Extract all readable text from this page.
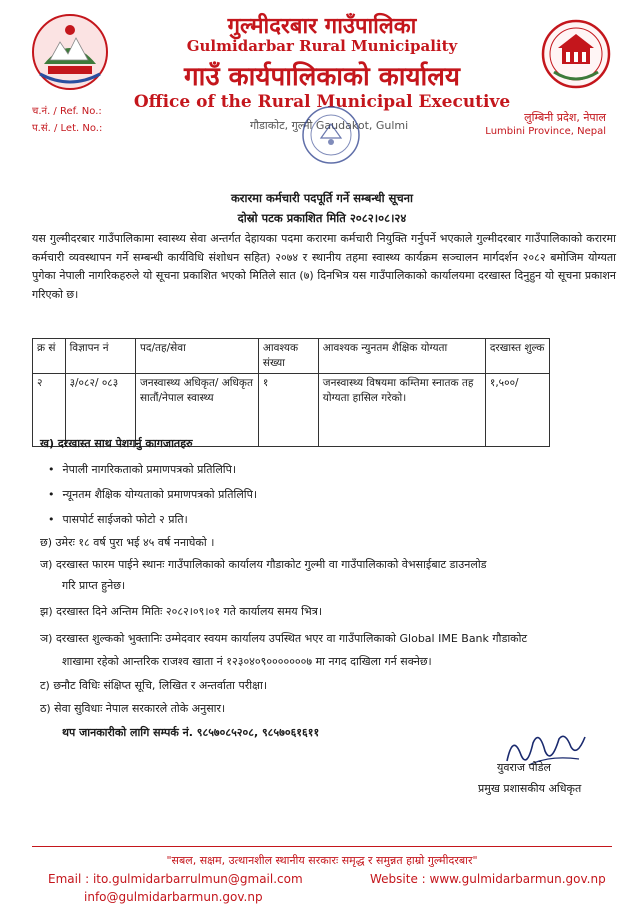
गुल्मीदरबार गाउँपालिका
Gulmidarbar Rural Municipality
गाउँ कार्यपालिकाको कार्यालय
Office of the Rural Municipal Executive
गौडाकोट, गुल्मी Gaudakot, Gulmi
च.नं. / Ref. No.:
प.सं. / Let. No.:
लुम्बिनी प्रदेश, नेपाल
Lumbini Province, Nepal
करारमा कर्मचारी पदपूर्ति गर्ने सम्बन्धी सूचना
दोस्रो पटक प्रकाशित मिति २०८२।०८।२४
यस गुल्मीदरबार गाउँपालिकामा स्वास्थ्य सेवा अन्तर्गत देहायका पदमा करारमा कर्मचारी नियुक्ति गर्नुपर्ने भएकाले गुल्मीदरबार गाउँपालिकाको करारमा कर्मचारी व्यवस्थापन गर्ने सम्बन्धी कार्यविधि संशोधन सहित) २०७४ र स्थानीय तहमा स्वास्थ्य कार्यक्रम सञ्चालन मार्गदर्शन २०८२ बमोजिम योग्यता पुगेका नेपाली नागरिकहरुले यो सूचना प्रकाशित भएको मितिले सात (७) दिनभित्र यस गाउँपालिकाको कार्यालयमा दरखास्त दिनुहुन यो सूचना प्रकाशन गरिएको छ।
क्र सं	विज्ञापन नं	पद/तह/सेवा	आवश्यक संख्या	आवश्यक न्युनतम शैक्षिक योग्यता	दरखास्त शुल्क
२	३/०८२/ ०८३	जनस्वास्थ्य अधिकृत/ अधिकृत सातौं/नेपाल स्वास्थ्य	१	जनस्वास्थ्य विषयमा कम्तिमा स्नातक तह योग्यता हासिल गरेको।	१,५००/
ख) दरखास्त साथ पेशगर्नु कागजातहरु
• नेपाली नागरिकताको प्रमाणपत्रको प्रतिलिपि।
• न्यूनतम शैक्षिक योग्यताको प्रमाणपत्रको प्रतिलिपि।
• पासपोर्ट साईजको फोटो २ प्रति।
छ) उमेरः १८ वर्ष पुरा भई ४५ वर्ष ननाघेको ।
ज) दरखास्त फारम पाईने स्थानः गाउँपालिकाको कार्यालय गौडाकोट गुल्मी वा गाउँपालिकाको वेभसाईबाट डाउनलोड
गरि प्राप्त हुनेछ।
झ) दरखास्त दिने अन्तिम मितिः २०८२।०९।०१ गते कार्यालय समय भित्र।
ञ) दरखास्त शुल्कको भुक्तानिः उम्मेदवार स्वयम कार्यालय उपस्थित भएर वा गाउँपालिकाको Global IME Bank गौडाकोट
शाखामा रहेको आन्तरिक राजश्व खाता नं १२३०४०९०००००००७ मा नगद दाखिला गर्न सक्नेछ।
ट) छनौट विधिः संक्षिप्त सूचि, लिखित र अन्तर्वाता परीक्षा।
ठ) सेवा सुविधाः नेपाल सरकारले तोके अनुसार।
थप जानकारीको लागि सम्पर्क नं. ९८५७०८५२०८, ९८५७०६१६११
युवराज पौडेल
प्रमुख प्रशासकीय अधिकृत
"सबल, सक्षम, उत्थानशील स्थानीय सरकारः समृद्ध र समुन्नत हाम्रो गुल्मीदरबार"
Email : ito.gulmidarbarrulmun@gmail.com
info@gulmidarbarmun.gov.np
Website : www.gulmidarbarmun.gov.np
